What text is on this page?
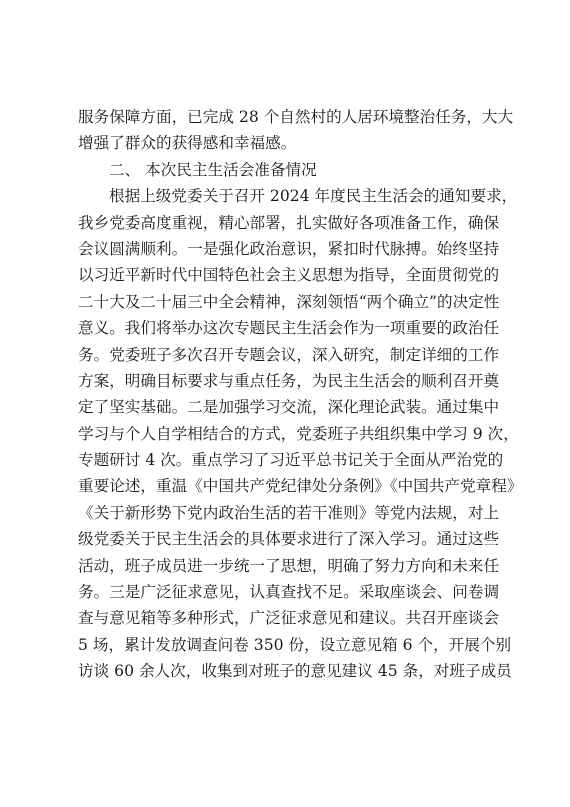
服务保障方面，已完成 28 个自然村的人居环境整治任务，大大
增强了群众的获得感和幸福感。
二、 本次民主生活会准备情况
根据上级党委关于召开 2024 年度民主生活会的通知要求，
我乡党委高度重视，精心部署，扎实做好各项准备工作，确保
会议圆满顺利。一是强化政治意识，紧扣时代脉搏。始终坚持
以习近平新时代中国特色社会主义思想为指导，全面贯彻党的
二十大及二十届三中全会精神，深刻领悟“两个确立”的决定性
意义。我们将举办这次专题民主生活会作为一项重要的政治任
务。党委班子多次召开专题会议，深入研究，制定详细的工作
方案，明确目标要求与重点任务，为民主生活会的顺利召开奠
定了坚实基础。二是加强学习交流，深化理论武装。通过集中
学习与个人自学相结合的方式，党委班子共组织集中学习 9 次，
专题研讨 4 次。重点学习了习近平总书记关于全面从严治党的
重要论述，重温《中国共产党纪律处分条例》《中国共产党章程》
《关于新形势下党内政治生活的若干准则》等党内法规，对上
级党委关于民主生活会的具体要求进行了深入学习。通过这些
活动，班子成员进一步统一了思想，明确了努力方向和未来任
务。三是广泛征求意见，认真查找不足。采取座谈会、问卷调
查与意见箱等多种形式，广泛征求意见和建议。共召开座谈会
5 场，累计发放调查问卷 350 份，设立意见箱 6 个，开展个别
访谈 60 余人次，收集到对班子的意见建议 45 条，对班子成员
